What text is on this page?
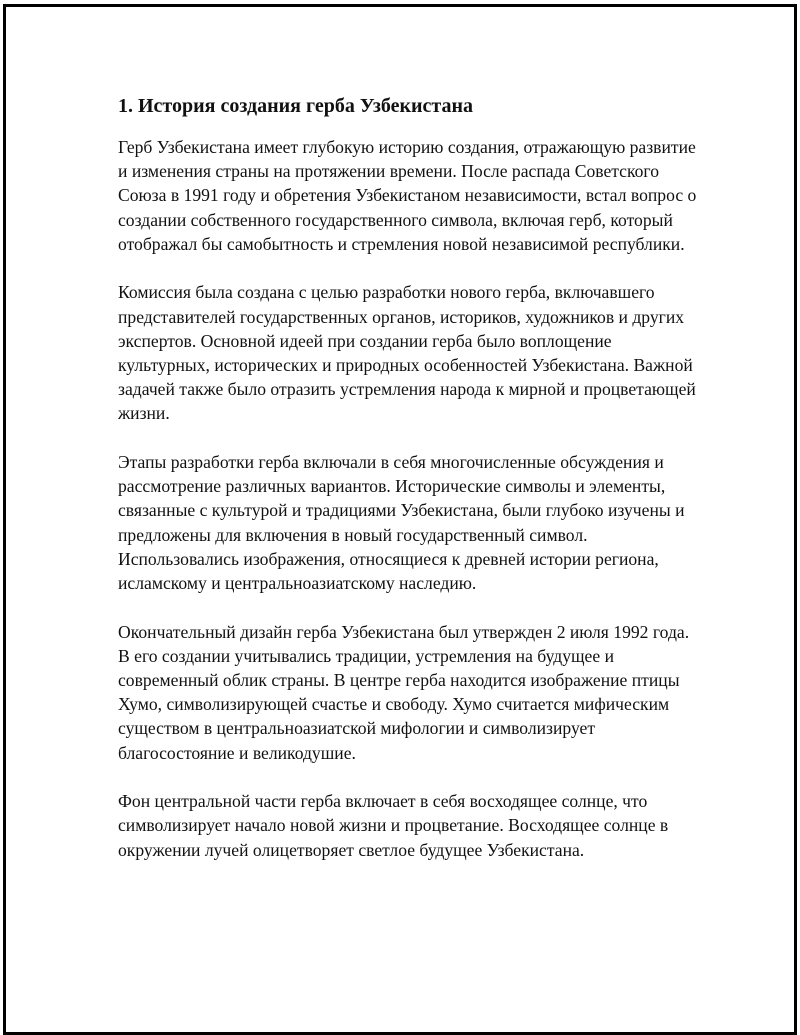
1. История создания герба Узбекистана

Герб Узбекистана имеет глубокую историю создания, отражающую развитие и изменения страны на протяжении времени. После распада Советского Союза в 1991 году и обретения Узбекистаном независимости, встал вопрос о создании собственного государственного символа, включая герб, который отображал бы самобытность и стремления новой независимой республики.

Комиссия была создана с целью разработки нового герба, включавшего представителей государственных органов, историков, художников и других экспертов. Основной идеей при создании герба было воплощение культурных, исторических и природных особенностей Узбекистана. Важной задачей также было отразить устремления народа к мирной и процветающей жизни.

Этапы разработки герба включали в себя многочисленные обсуждения и рассмотрение различных вариантов. Исторические символы и элементы, связанные с культурой и традициями Узбекистана, были глубоко изучены и предложены для включения в новый государственный символ. Использовались изображения, относящиеся к древней истории региона, исламскому и центральноазиатскому наследию.

Окончательный дизайн герба Узбекистана был утвержден 2 июля 1992 года. В его создании учитывались традиции, устремления на будущее и современный облик страны. В центре герба находится изображение птицы Хумо, символизирующей счастье и свободу. Хумо считается мифическим существом в центральноазиатской мифологии и символизирует благосостояние и великодушие.

Фон центральной части герба включает в себя восходящее солнце, что символизирует начало новой жизни и процветание. Восходящее солнце в окружении лучей олицетворяет светлое будущее Узбекистана.
